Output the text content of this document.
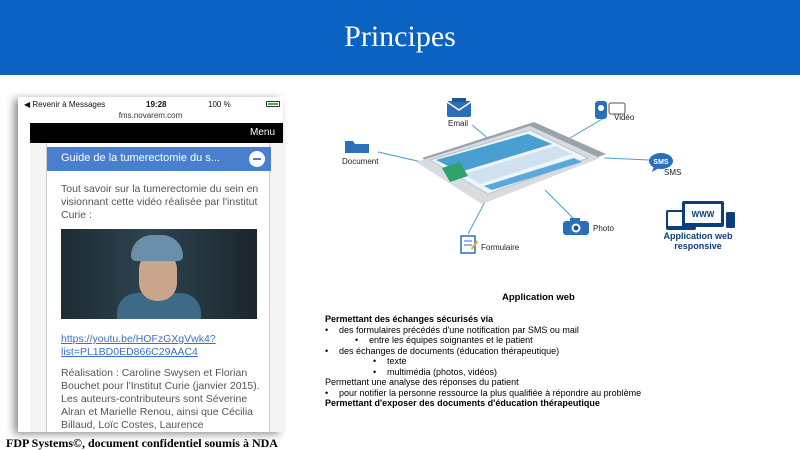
Principes
◀ Revenir à Messages	19:28	100 %
fms.novarem.com
Menu
Guide de la tumerectomie du s...
Tout savoir sur la tumerectomie du sein en visionnant cette vidéo réalisée par l'institut Curie :
https://youtu.be/HOFzGXgVwk4?list=PL1BD0ED866C29AAC4
Réalisation : Caroline Swysen et Florian Bouchet pour l'Institut Curie (janvier 2015). Les auteurs-contributeurs sont Séverine Alran et Marielle Renou, ainsi que Cécilia Billaud, Loïc Costes, Laurence
Email
Vidéo
Document	SMS
SMS
Photo
Formulaire
WWW
Application web responsive
Application web
Permettant des échanges sécurisés via
• des formulaires précédés d'une notification par SMS ou mail
• entre les équipes soignantes et le patient
• des échanges de documents (éducation thérapeutique)
• texte
• multimédia (photos, vidéos)
Permettant une analyse des réponses du patient
• pour notifier la personne ressource la plus qualifiée à répondre au problème
Permettant d'exposer des documents d'éducation thérapeutique
FDP Systems©, document confidentiel soumis à NDA
